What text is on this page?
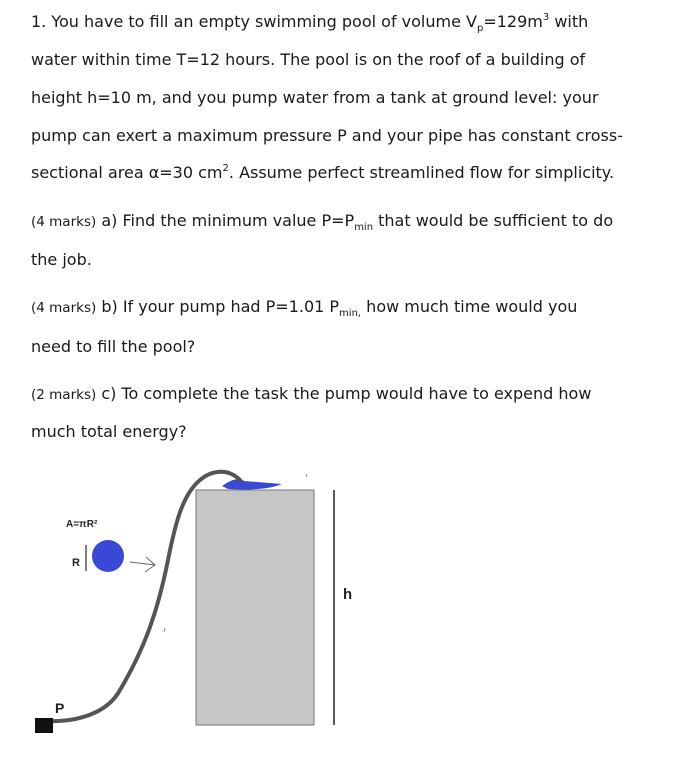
1. You have to fill an empty swimming pool of volume $V_p=129m^3$ with
water within time T=12 hours. The pool is on the roof of a building of
height h=10 m, and you pump water from a tank at ground level: your
pump can exert a maximum pressure P and your pipe has constant cross-
sectional area α=30 $cm^2$. Assume perfect streamlined flow for simplicity.
(4 marks) a) Find the minimum value $P=P_{min}$ that would be sufficient to do
the job.
(4 marks) b) If your pump had P=1.01 $P_{min,}$ how much time would you
need to fill the pool?
(2 marks) c) To complete the task the pump would have to expend how
much total energy?
A=πR²
R
h
P
